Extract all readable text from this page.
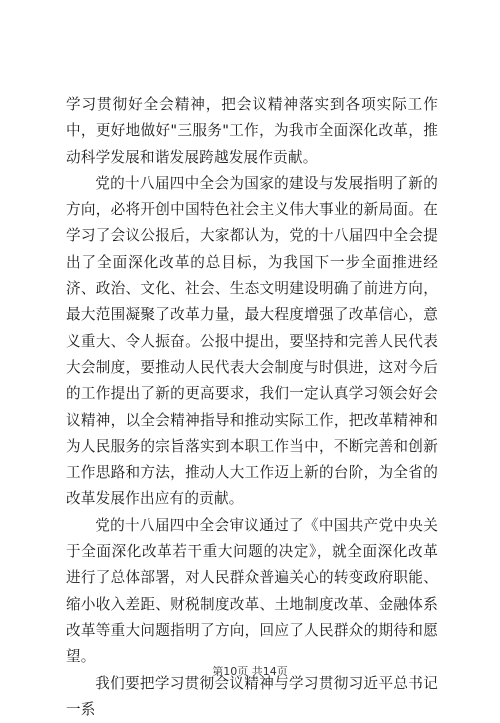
学习贯彻好全会精神，把会议精神落实到各项实际工作中，更好地做好"三服务"工作，为我市全面深化改革，推动科学发展和谐发展跨越发展作贡献。

党的十八届四中全会为国家的建设与发展指明了新的方向，必将开创中国特色社会主义伟大事业的新局面。在学习了会议公报后，大家都认为，党的十八届四中全会提出了全面深化改革的总目标，为我国下一步全面推进经济、政治、文化、社会、生态文明建设明确了前进方向，最大范围凝聚了改革力量，最大程度增强了改革信心，意义重大、令人振奋。公报中提出，要坚持和完善人民代表大会制度，要推动人民代表大会制度与时俱进，这对今后的工作提出了新的更高要求，我们一定认真学习领会好会议精神，以全会精神指导和推动实际工作，把改革精神和为人民服务的宗旨落实到本职工作当中，不断完善和创新工作思路和方法，推动人大工作迈上新的台阶，为全省的改革发展作出应有的贡献。

党的十八届四中全会审议通过了《中国共产党中央关于全面深化改革若干重大问题的决定》，就全面深化改革进行了总体部署，对人民群众普遍关心的转变政府职能、缩小收入差距、财税制度改革、土地制度改革、金融体系改革等重大问题指明了方向，回应了人民群众的期待和愿望。

我们要把学习贯彻会议精神与学习贯彻习近平总书记一系

第10页 共14页
